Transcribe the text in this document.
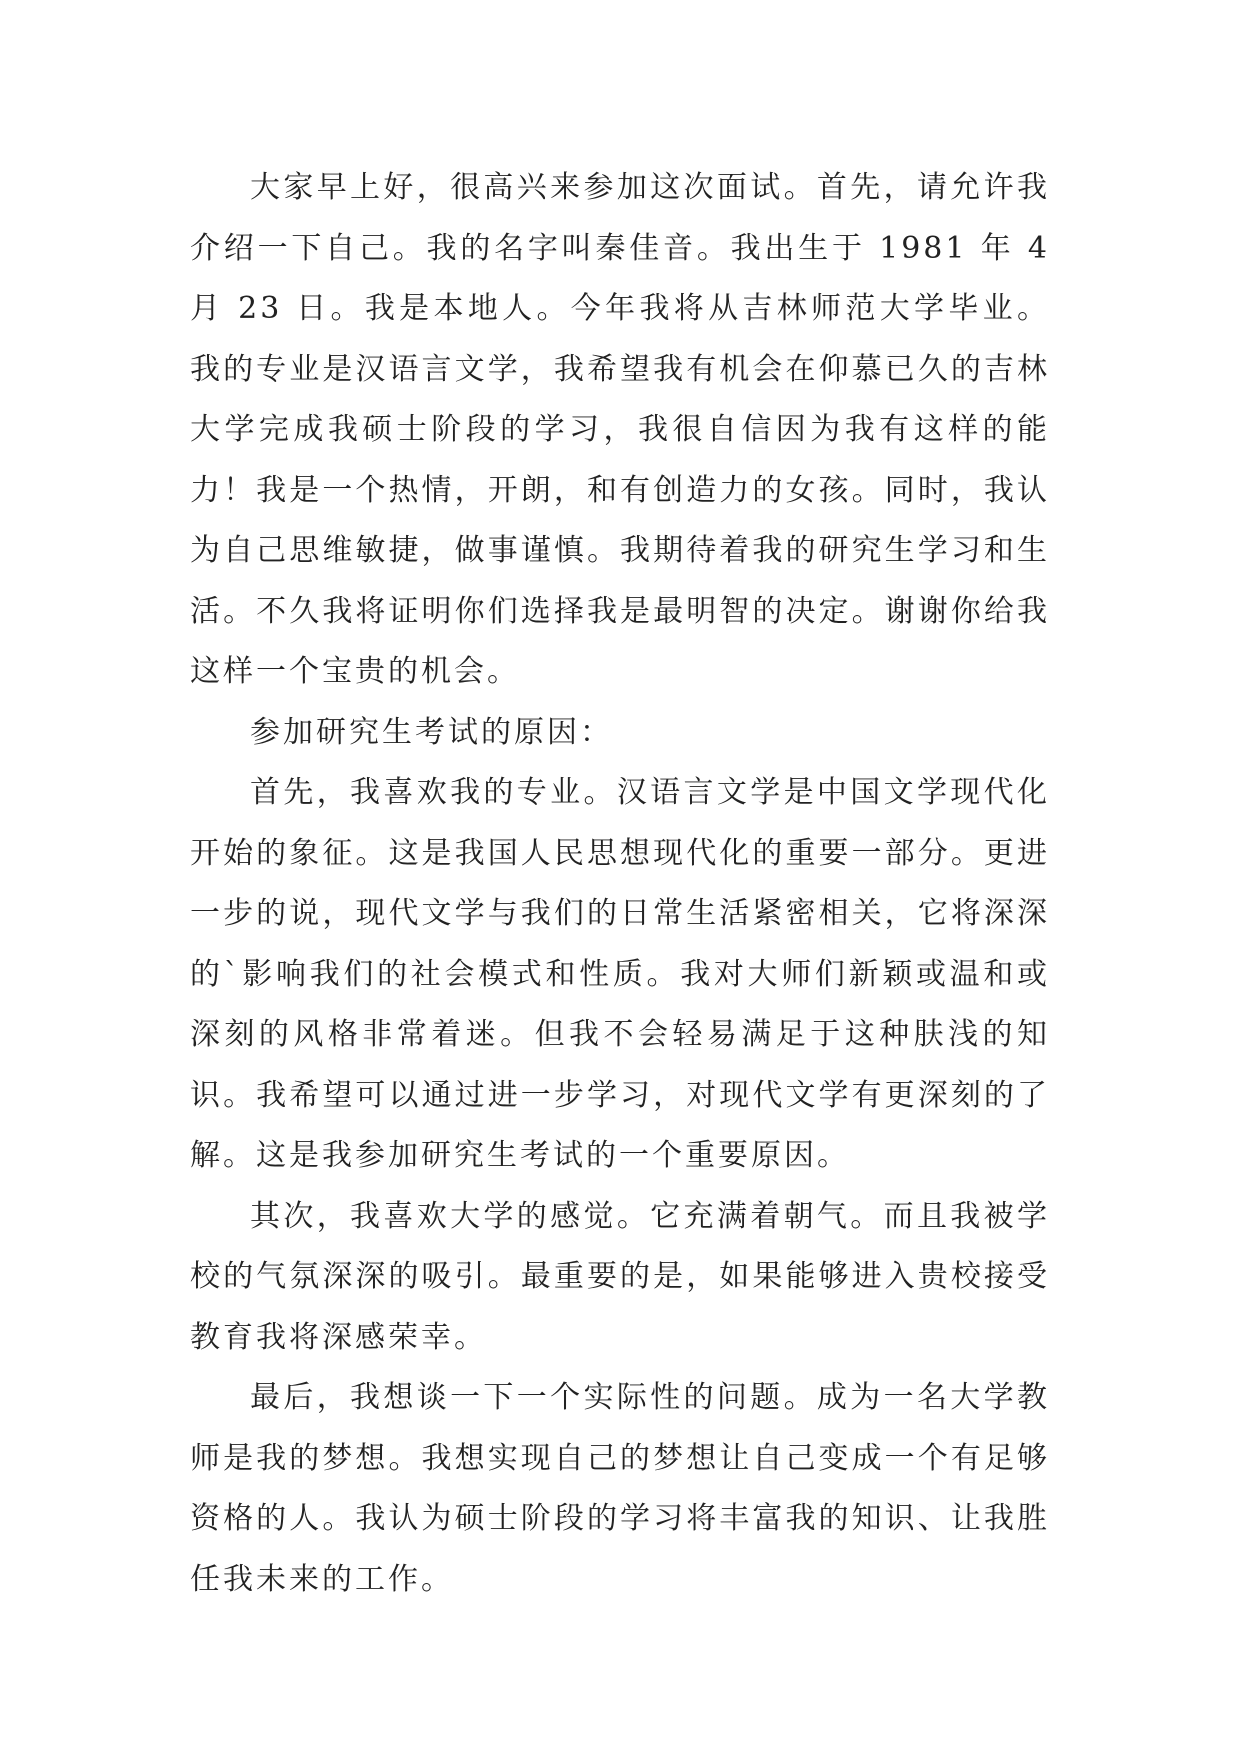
大家早上好，很高兴来参加这次面试。首先，请允许我介绍一下自己。我的名字叫秦佳音。我出生于 1981 年 4 月 23 日。我是本地人。今年我将从吉林师范大学毕业。我的专业是汉语言文学，我希望我有机会在仰慕已久的吉林大学完成我硕士阶段的学习，我很自信因为我有这样的能力！我是一个热情，开朗，和有创造力的女孩。同时，我认为自己思维敏捷，做事谨慎。我期待着我的研究生学习和生活。不久我将证明你们选择我是最明智的决定。谢谢你给我这样一个宝贵的机会。

参加研究生考试的原因：

首先，我喜欢我的专业。汉语言文学是中国文学现代化开始的象征。这是我国人民思想现代化的重要一部分。更进一步的说，现代文学与我们的日常生活紧密相关，它将深深的`影响我们的社会模式和性质。我对大师们新颖或温和或深刻的风格非常着迷。但我不会轻易满足于这种肤浅的知识。我希望可以通过进一步学习，对现代文学有更深刻的了解。这是我参加研究生考试的一个重要原因。

其次，我喜欢大学的感觉。它充满着朝气。而且我被学校的气氛深深的吸引。最重要的是，如果能够进入贵校接受教育我将深感荣幸。

最后，我想谈一下一个实际性的问题。成为一名大学教师是我的梦想。我想实现自己的梦想让自己变成一个有足够资格的人。我认为硕士阶段的学习将丰富我的知识、让我胜任我未来的工作。
